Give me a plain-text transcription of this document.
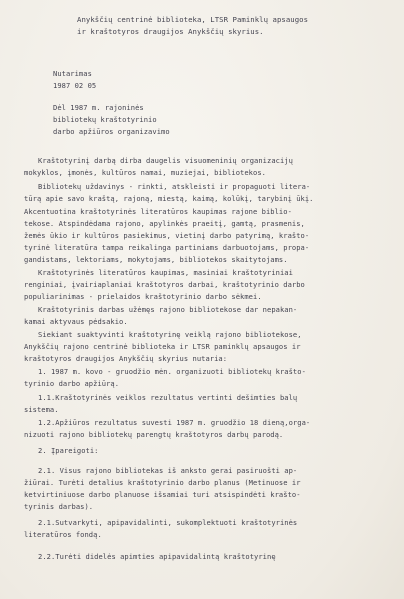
Anykščių centrinė biblioteka, LTSR Paminklų apsaugos
ir kraštotyros draugijos Anykščių skyrius.
Nutarimas
1987 02 05
Dėl 1987 m. rajoninės
bibliotekų kraštotyrinio
darbo apžiūros organizavimo
Kraštotyrinį darbą dirba daugelis visuomeninių organizacijų
mokyklos, įmonės, kultūros namai, muziejai, bibliotekos.
Bibliotekų uždavinys - rinkti, atskleisti ir propaguoti litera-
tūrą apie savo kraštą, rajoną, miestą, kaimą, kolūkį, tarybinį ūkį.
Akcentuotina kraštotyrinės literatūros kaupimas rajone biblio-
tekose. Atspindėdama rajono, apylinkės praeitį, gamtą, prasmenis,
žemės ūkio ir kultūros pasiekimus, vietinį darbo patyrimą, krašto-
tyrinė literatūra tampa reikalinga partiniams darbuotojams, propa-
gandistams, lektoriams, mokytojams, bibliotekos skaitytojams.
Kraštotyrinės literatūros kaupimas, masiniai kraštotyriniai
renginiai, įvairiaplaniai kraštotyros darbai, kraštotyrinio darbo
populiarinimas - prielaidos kraštotyrinio darbo sėkmei.
Kraštotyrinis darbas užėmęs rajono bibliotekose dar nepakan-
kamai aktyvaus pėdsakio.
Siekiant suaktyvinti kraštotyrinę veiklą rajono bibliotekose,
Anykščių rajono centrinė biblioteka ir LTSR paminklų apsaugos ir
kraštotyros draugijos Anykščių skyrius nutaria:
1. 1987 m. kovo - gruodžio mėn. organizuoti bibliotekų krašto-
tyrinio darbo apžiūrą.
1.1.Kraštotyrinės veiklos rezultatus vertinti dešimties balų
sistema.
1.2.Apžiūros rezultatus suvesti 1987 m. gruodžio 18 dieną,orga-
nizuoti rajono bibliotekų parengtų kraštotyros darbų parodą.
2. Įpareigoti:
2.1. Visus rajono bibliotekas iš anksto gerai pasiruošti ap-
žiūrai. Turėti detalius kraštotyrinio darbo planus (Metinuose ir
ketvirtiniuose darbo planuose išsamiai turi atsispindėti krašto-
tyrinis darbas).
2.1.Sutvarkyti, apipavidalinti, sukomplektuoti kraštotyrinės
literatūros fondą.
2.2.Turėti didelės apimties apipavidalintą kraštotyrinę
